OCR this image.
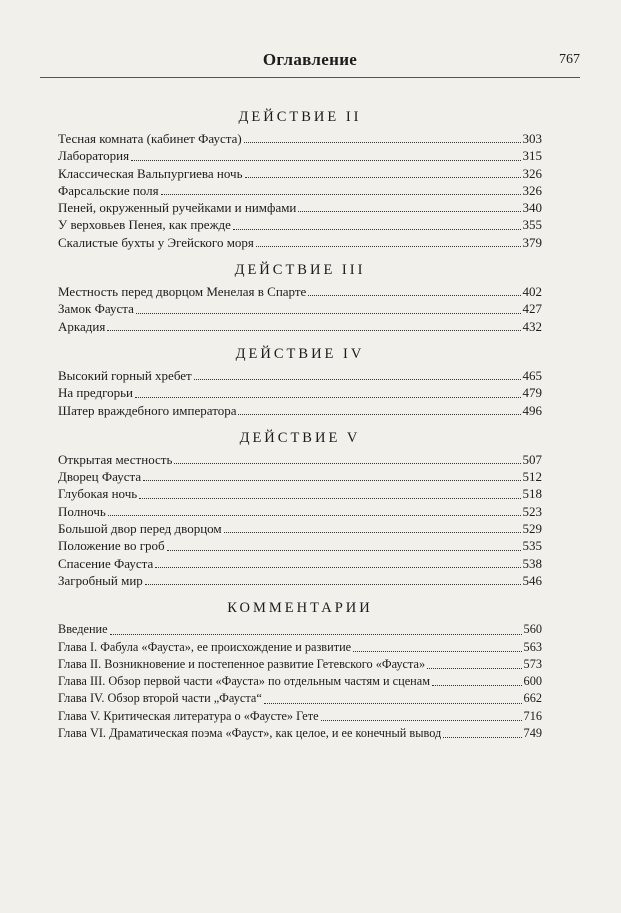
Оглавление	767
ДЕЙСТВИЕ II
Тесная комната (кабинет Фауста)	303
Лаборатория	315
Классическая Вальпургиева ночь	326
Фарсальские поля	326
Пеней, окруженный ручейками и нимфами	340
У верховьев Пенея, как прежде	355
Скалистые бухты у Эгейского моря	379
ДЕЙСТВИЕ III
Местность перед дворцом Менелая в Спарте	402
Замок Фауста	427
Аркадия	432
ДЕЙСТВИЕ IV
Высокий горный хребет	465
На предгорьи	479
Шатер враждебного императора	496
ДЕЙСТВИЕ V
Открытая местность	507
Дворец Фауста	512
Глубокая ночь	518
Полночь	523
Большой двор перед дворцом	529
Положение во гроб	535
Спасение Фауста	538
Загробный мир	546
КОММЕНТАРИИ
Введение	560
Глава I. Фабула «Фауста», ее происхождение и развитие	563
Глава II. Возникновение и постепенное развитие Гетевского «Фауста»	573
Глава III. Обзор первой части «Фауста» по отдельным частям и сценам	600
Глава IV. Обзор второй части „Фауста“	662
Глава V. Критическая литература о «Фаусте» Гете	716
Глава VI. Драматическая поэма «Фауст», как целое, и ее конечный вывод	749
